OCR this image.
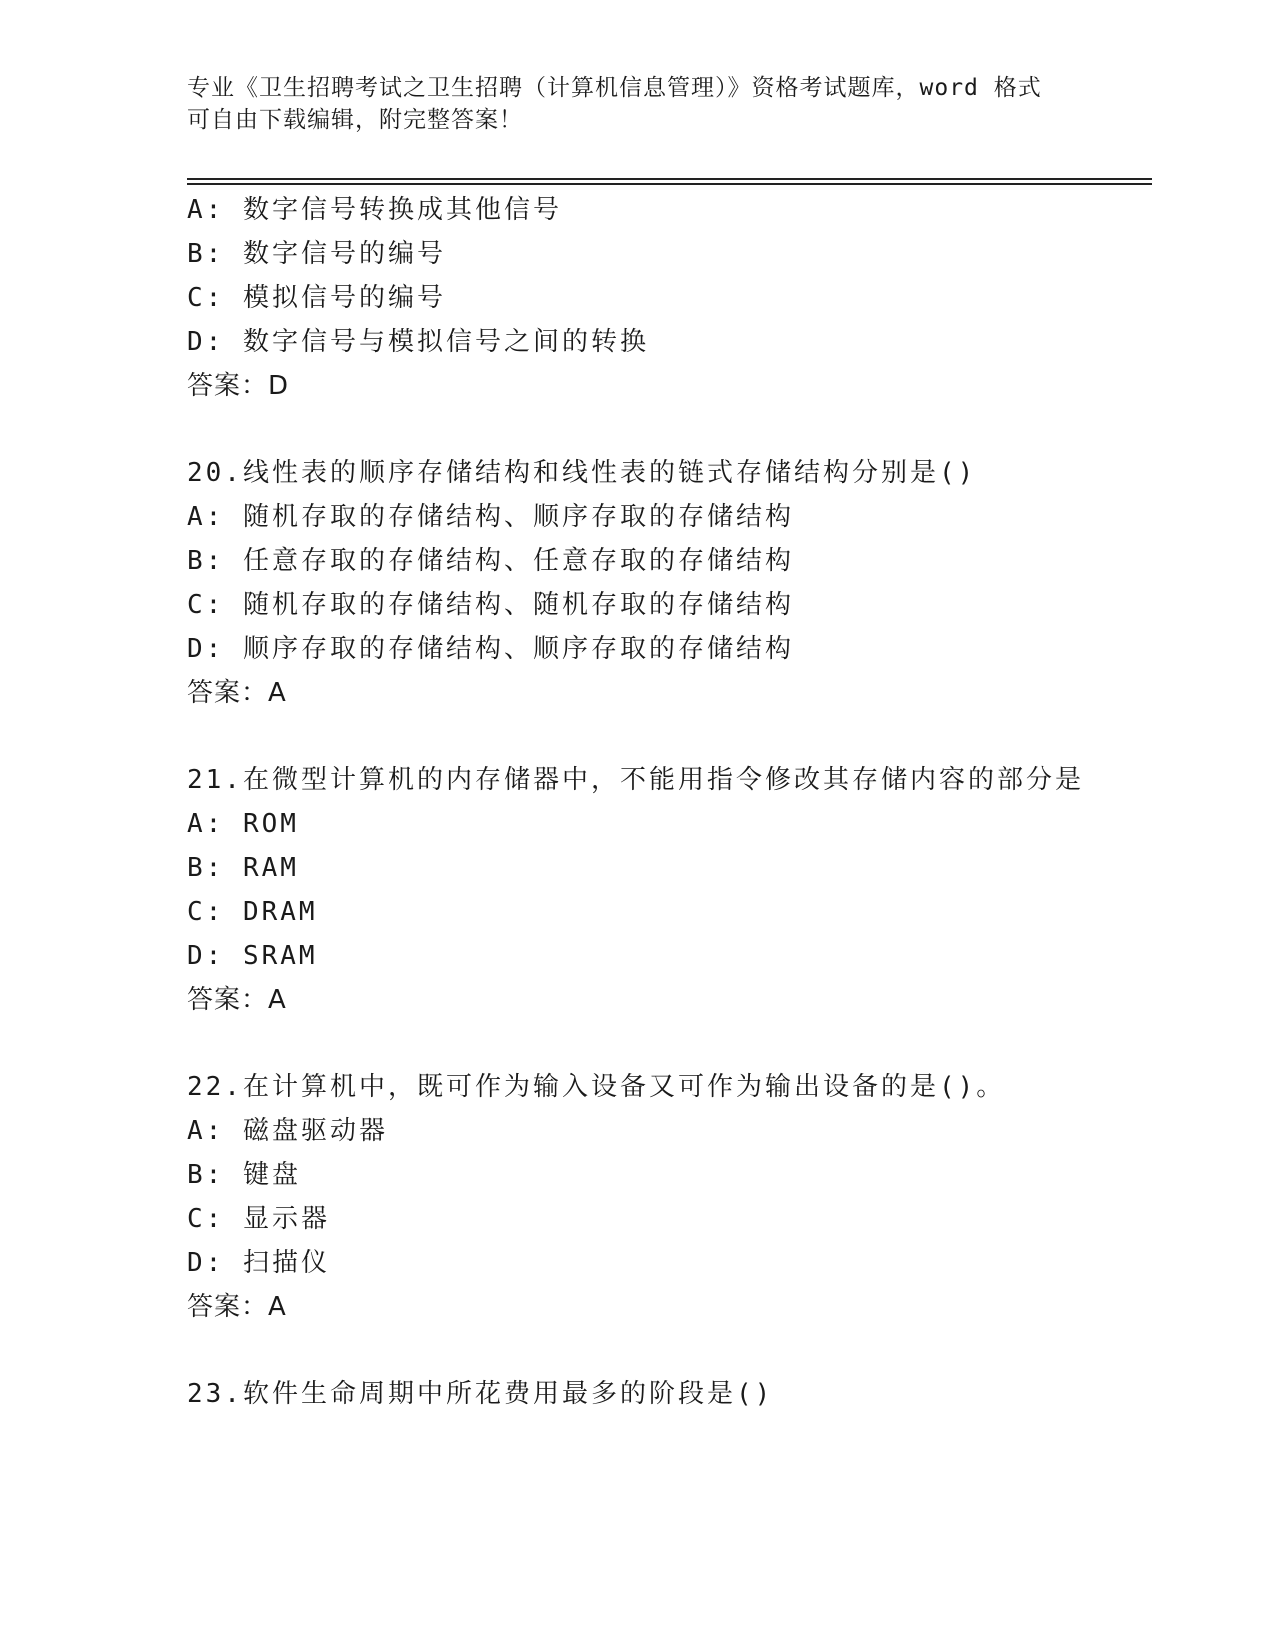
专业《卫生招聘考试之卫生招聘（计算机信息管理）》资格考试题库，word 格式
可自由下载编辑，附完整答案！
A: 数字信号转换成其他信号
B: 数字信号的编号
C: 模拟信号的编号
D: 数字信号与模拟信号之间的转换
答案：D
20.线性表的顺序存储结构和线性表的链式存储结构分别是()
A: 随机存取的存储结构、顺序存取的存储结构
B: 任意存取的存储结构、任意存取的存储结构
C: 随机存取的存储结构、随机存取的存储结构
D: 顺序存取的存储结构、顺序存取的存储结构
答案：A
21.在微型计算机的内存储器中，不能用指令修改其存储内容的部分是
A: ROM
B: RAM
C: DRAM
D: SRAM
答案：A
22.在计算机中，既可作为输入设备又可作为输出设备的是()。
A: 磁盘驱动器
B: 键盘
C: 显示器
D: 扫描仪
答案：A
23.软件生命周期中所花费用最多的阶段是()
